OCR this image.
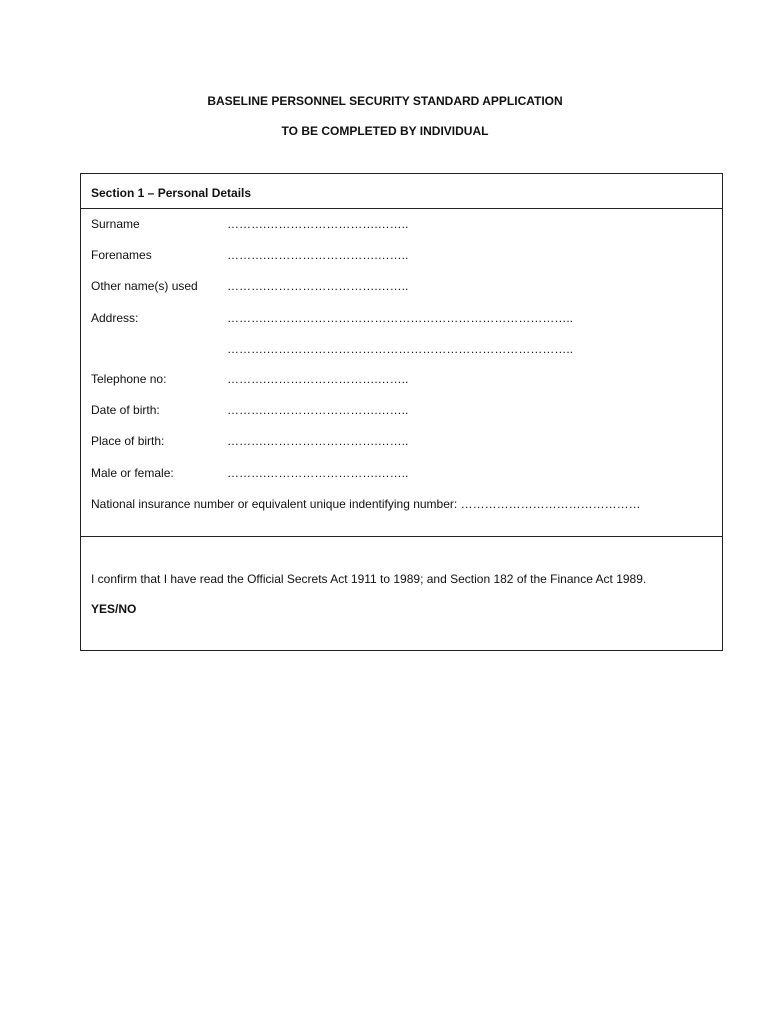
BASELINE PERSONNEL SECURITY STANDARD APPLICATION
TO BE COMPLETED BY INDIVIDUAL
Section 1 – Personal Details
Surname	……….……………………….……..
Forenames	……….……………………….……..
Other name(s) used ……….……………………….……..
Address:	……….…………………………………………………………………..
……….…………………………………………………………………..
Telephone no:	……….……………………….……..
Date of birth:	……….……………………….……..
Place of birth:	……….……………………….……..
Male or female:	……….……………………….……..
National insurance number or equivalent unique indentifying number: ………………………………………
I confirm that I have read the Official Secrets Act 1911 to 1989; and Section 182 of the Finance Act 1989.
YES/NO
